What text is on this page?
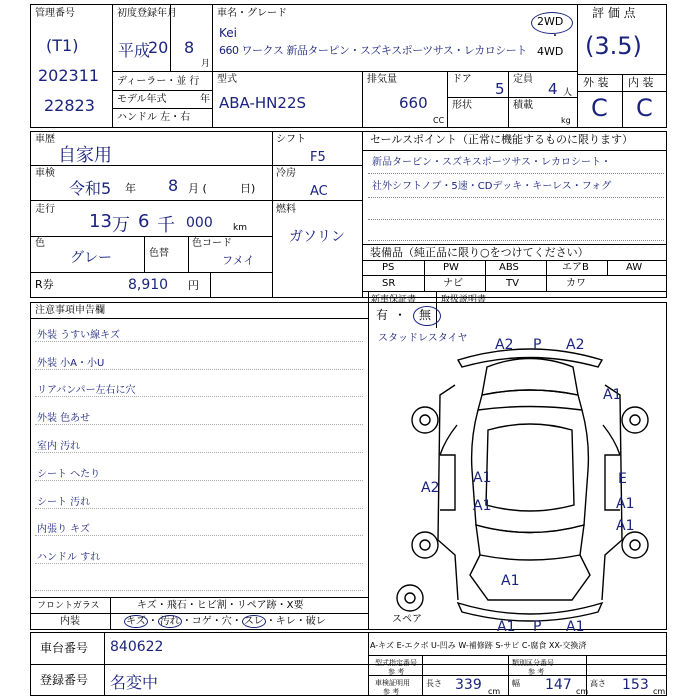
管理番号
(T1)
202311
22823
初度登録年月
平成
20 8
月
車名・グレード
Kei
660 ワークス 新品ターピン・スズキスポーツサス・レカロシート
2WD
・
4WD
ディーラー・並 行
モデル年式	年
ハンドル 左・右
型式
ABA-HN22S
排気量
660
CC
ドア
5
定員
4 人
形状	積載
kg
評 価 点
(3.5)
外 装 内 装
C C
車歴
自家用
車検
令和5 年 8 月 (	日)
走行
13 万 6 千 000 km
色
グレー	色替
色コード
フメイ
シフト
F5
冷房
AC
燃料
ガソリン
R券	8,910 円
セールスポイント（正常に機能するものに限ります）
新品ターピン・スズキスポーツサス・レカロシート・
社外シフトノブ・5速・CDデッキ・キーレス・フォグ
装備品（純正品に限り○をつけてください）
PS	PW	ABS	エアB	AW
SR	ナビ	TV	カワ
注意事項申告欄
外装 うすい線キズ
外装 小A・小U
リアバンパー左右に穴
外装 色あせ
室内 汚れ
シート へたり
シート 汚れ
内張り キズ
ハンドル すれ
フロントガラス	キズ・飛石・ヒビ割・リペア跡・X要
内装	キズ ・ 汚れ ・コゲ・穴・ スレ ・キレ・破レ
新車保証書
有 ・ 無
取扱説明書
スタッドレスタイヤ A2 P A2
A1
A1
A2
A1
E
A1
A1
A1
A1 P A1
スペア
車台番号 840622
登録番号 名変中
A-キズ E-エクボ U-凹み W-補修跡 S-サビ C-腐食 XX-交換済
型式指定番号
参 考
類別区分番号
参 考
車検証明用
参 考
長さ 339 cm
幅 147 cm
高さ 153 cm
